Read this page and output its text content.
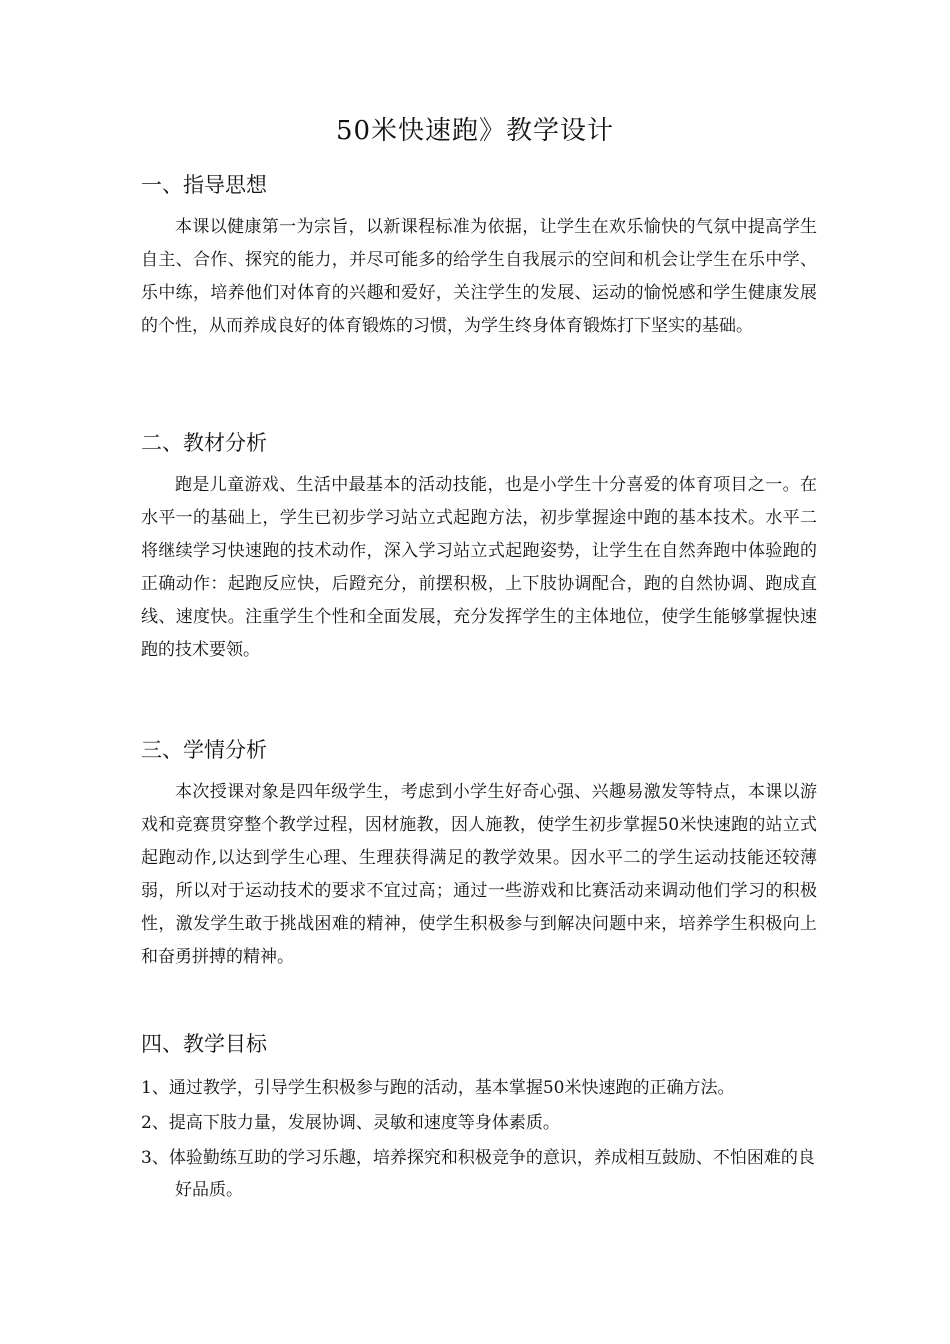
50米快速跑》教学设计
一、指导思想

本课以健康第一为宗旨，以新课程标准为依据，让学生在欢乐愉快的气氛中提高学生自主、合作、探究的能力，并尽可能多的给学生自我展示的空间和机会让学生在乐中学、乐中练，培养他们对体育的兴趣和爱好，关注学生的发展、运动的愉悦感和学生健康发展的个性，从而养成良好的体育锻炼的习惯，为学生终身体育锻炼打下坚实的基础。

二、教材分析

跑是儿童游戏、生活中最基本的活动技能，也是小学生十分喜爱的体育项目之一。在水平一的基础上，学生已初步学习站立式起跑方法，初步掌握途中跑的基本技术。水平二将继续学习快速跑的技术动作，深入学习站立式起跑姿势，让学生在自然奔跑中体验跑的正确动作：起跑反应快，后蹬充分，前摆积极，上下肢协调配合，跑的自然协调、跑成直线、速度快。注重学生个性和全面发展，充分发挥学生的主体地位，使学生能够掌握快速跑的技术要领。

三、学情分析

本次授课对象是四年级学生，考虑到小学生好奇心强、兴趣易激发等特点，本课以游戏和竞赛贯穿整个教学过程，因材施教，因人施教，使学生初步掌握50米快速跑的站立式起跑动作,以达到学生心理、生理获得满足的教学效果。因水平二的学生运动技能还较薄弱，所以对于运动技术的要求不宜过高；通过一些游戏和比赛活动来调动他们学习的积极性，激发学生敢于挑战困难的精神，使学生积极参与到解决问题中来，培养学生积极向上和奋勇拼搏的精神。

四、教学目标
1、通过教学，引导学生积极参与跑的活动，基本掌握50米快速跑的正确方法。
2、提高下肢力量，发展协调、灵敏和速度等身体素质。
3、体验勤练互助的学习乐趣，培养探究和积极竞争的意识，养成相互鼓励、不怕困难的良好品质。
